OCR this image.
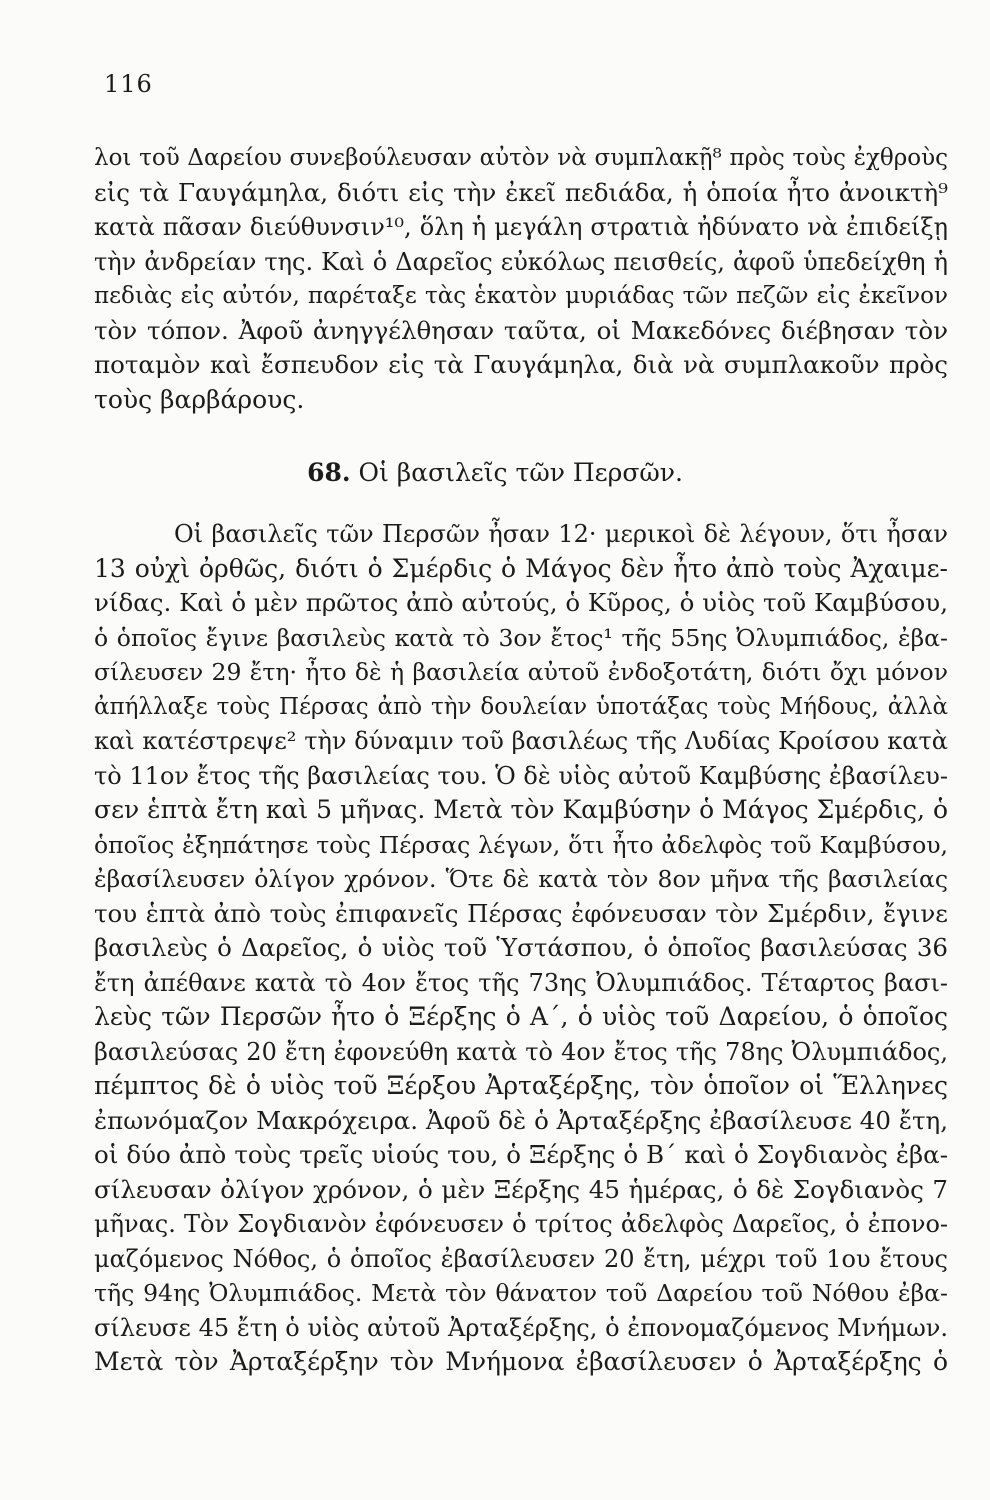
116
λοι τοῦ Δαρείου συνεβούλευσαν αὐτὸν νὰ συμπλακῇ⁸ πρὸς τοὺς ἐχθροὺς
εἰς τὰ Γαυγάμηλα, διότι εἰς τὴν ἐκεῖ πεδιάδα, ἡ ὁποία ἦτο ἀνοικτὴ⁹
κατὰ πᾶσαν διεύθυνσιν¹⁰, ὅλη ἡ μεγάλη στρατιὰ ἠδύνατο νὰ ἐπιδείξῃ
τὴν ἀνδρείαν της. Καὶ ὁ Δαρεῖος εὐκόλως πεισθείς, ἀφοῦ ὑπεδείχθη ἡ
πεδιὰς εἰς αὐτόν, παρέταξε τὰς ἑκατὸν μυριάδας τῶν πεζῶν εἰς ἐκεῖνον
τὸν τόπον. Ἀφοῦ ἀνηγγέλθησαν ταῦτα, οἱ Μακεδόνες διέβησαν τὸν
ποταμὸν καὶ ἔσπευδον εἰς τὰ Γαυγάμηλα, διὰ νὰ συμπλακοῦν πρὸς
τοὺς βαρβάρους.
68. Οἱ βασιλεῖς τῶν Περσῶν.
Οἱ βασιλεῖς τῶν Περσῶν ἦσαν 12· μερικοὶ δὲ λέγουν, ὅτι ἦσαν
13 οὐχὶ ὀρθῶς, διότι ὁ Σμέρδις ὁ Μάγος δὲν ἦτο ἀπὸ τοὺς Ἀχαιμε-
νίδας. Καὶ ὁ μὲν πρῶτος ἀπὸ αὐτούς, ὁ Κῦρος, ὁ υἱὸς τοῦ Καμβύσου,
ὁ ὁποῖος ἔγινε βασιλεὺς κατὰ τὸ 3ον ἔτος¹ τῆς 55ης Ὀλυμπιάδος, ἐβα-
σίλευσεν 29 ἔτη· ἦτο δὲ ἡ βασιλεία αὐτοῦ ἐνδοξοτάτη, διότι ὄχι μόνον
ἀπήλλαξε τοὺς Πέρσας ἀπὸ τὴν δουλείαν ὑποτάξας τοὺς Μήδους, ἀλλὰ
καὶ κατέστρεψε² τὴν δύναμιν τοῦ βασιλέως τῆς Λυδίας Κροίσου κατὰ
τὸ 11ον ἔτος τῆς βασιλείας του. Ὁ δὲ υἱὸς αὐτοῦ Καμβύσης ἐβασίλευ-
σεν ἑπτὰ ἔτη καὶ 5 μῆνας. Μετὰ τὸν Καμβύσην ὁ Μάγος Σμέρδις, ὁ
ὁποῖος ἐξηπάτησε τοὺς Πέρσας λέγων, ὅτι ἦτο ἀδελφὸς τοῦ Καμβύσου,
ἐβασίλευσεν ὀλίγον χρόνον. Ὅτε δὲ κατὰ τὸν 8ον μῆνα τῆς βασιλείας
του ἑπτὰ ἀπὸ τοὺς ἐπιφανεῖς Πέρσας ἐφόνευσαν τὸν Σμέρδιν, ἔγινε
βασιλεὺς ὁ Δαρεῖος, ὁ υἱὸς τοῦ Ὑστάσπου, ὁ ὁποῖος βασιλεύσας 36
ἔτη ἀπέθανε κατὰ τὸ 4ον ἔτος τῆς 73ης Ὀλυμπιάδος. Τέταρτος βασι-
λεὺς τῶν Περσῶν ἦτο ὁ Ξέρξης ὁ Α΄, ὁ υἱὸς τοῦ Δαρείου, ὁ ὁποῖος
βασιλεύσας 20 ἔτη ἐφονεύθη κατὰ τὸ 4ον ἔτος τῆς 78ης Ὀλυμπιάδος,
πέμπτος δὲ ὁ υἱὸς τοῦ Ξέρξου Ἀρταξέρξης, τὸν ὁποῖον οἱ Ἕλληνες
ἐπωνόμαζον Μακρόχειρα. Ἀφοῦ δὲ ὁ Ἀρταξέρξης ἐβασίλευσε 40 ἔτη,
οἱ δύο ἀπὸ τοὺς τρεῖς υἱούς του, ὁ Ξέρξης ὁ Β΄ καὶ ὁ Σογδιανὸς ἐβα-
σίλευσαν ὀλίγον χρόνον, ὁ μὲν Ξέρξης 45 ἡμέρας, ὁ δὲ Σογδιανὸς 7
μῆνας. Τὸν Σογδιανὸν ἐφόνευσεν ὁ τρίτος ἀδελφὸς Δαρεῖος, ὁ ἐπονο-
μαζόμενος Νόθος, ὁ ὁποῖος ἐβασίλευσεν 20 ἔτη, μέχρι τοῦ 1ου ἔτους
τῆς 94ης Ὀλυμπιάδος. Μετὰ τὸν θάνατον τοῦ Δαρείου τοῦ Νόθου ἐβα-
σίλευσε 45 ἔτη ὁ υἱὸς αὐτοῦ Ἀρταξέρξης, ὁ ἐπονομαζόμενος Μνήμων.
Μετὰ τὸν Ἀρταξέρξην τὸν Μνήμονα ἐβασίλευσεν ὁ Ἀρταξέρξης ὁ
